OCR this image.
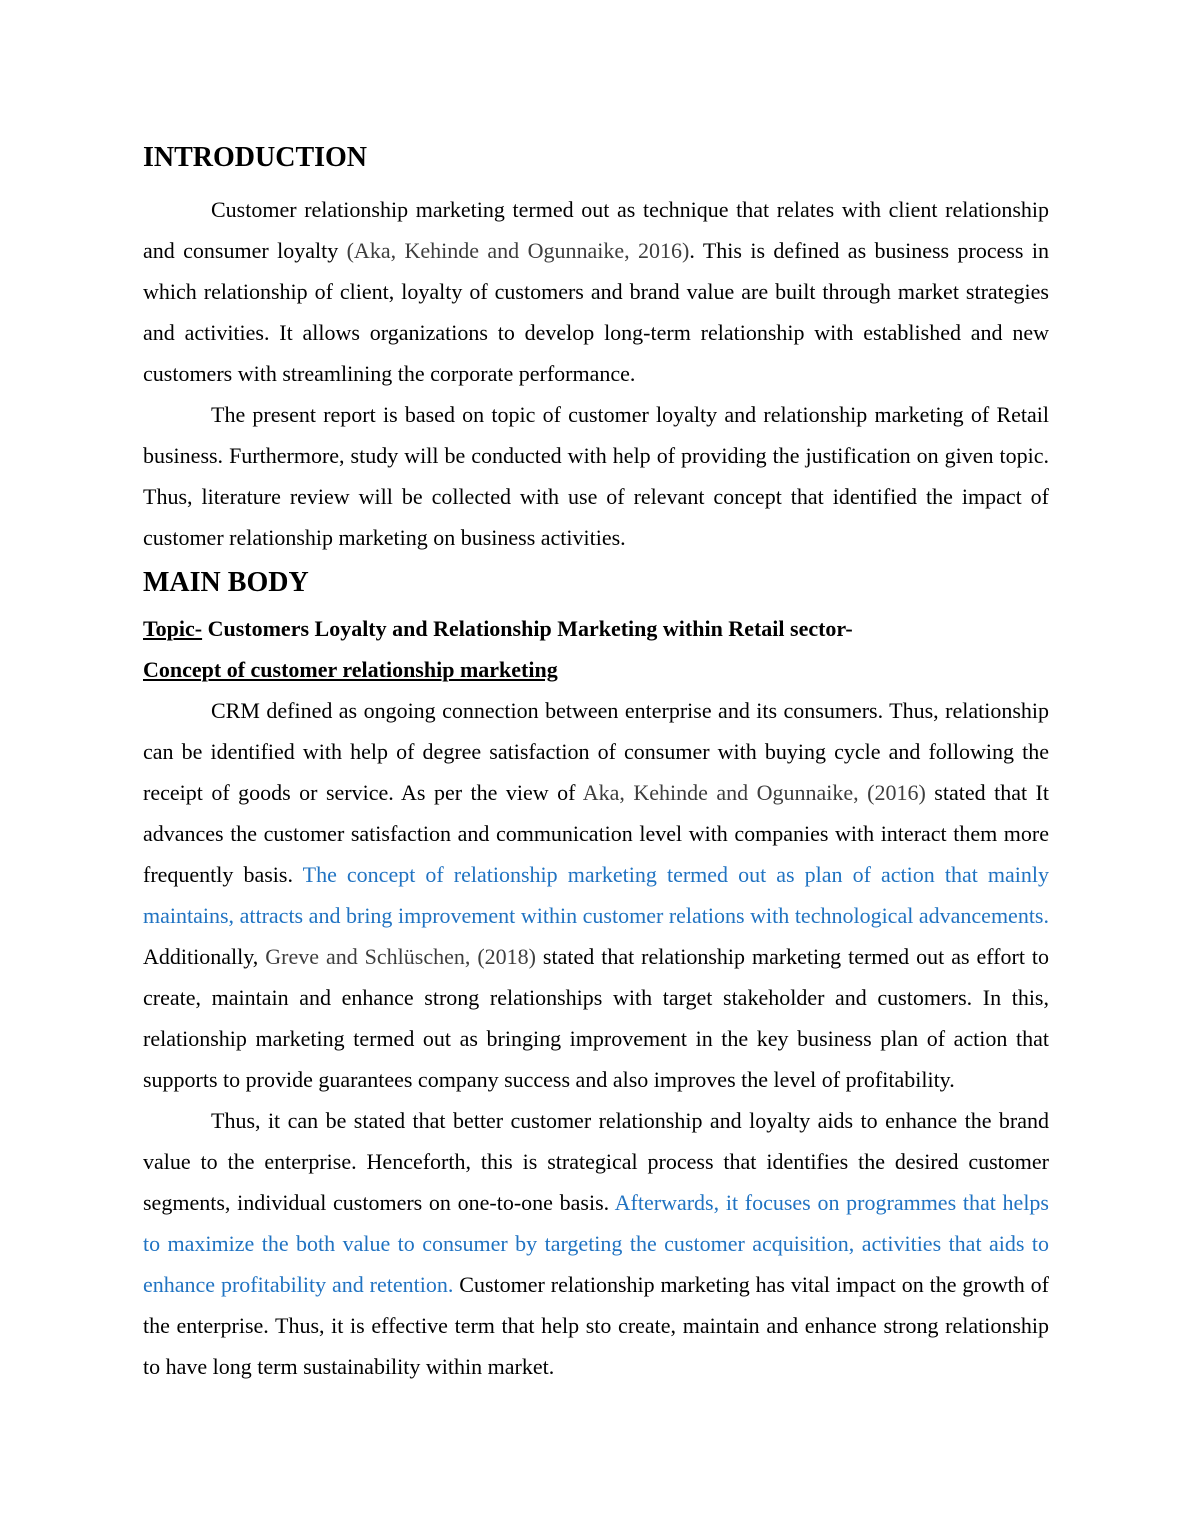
INTRODUCTION

Customer relationship marketing termed out as technique that relates with client relationship and consumer loyalty (Aka, Kehinde and Ogunnaike, 2016). This is defined as business process in which relationship of client, loyalty of customers and brand value are built through market strategies and activities. It allows organizations to develop long-term relationship with established and new customers with streamlining the corporate performance.

The present report is based on topic of customer loyalty and relationship marketing of Retail business. Furthermore, study will be conducted with help of providing the justification on given topic. Thus, literature review will be collected with use of relevant concept that identified the impact of customer relationship marketing on business activities.

MAIN BODY

Topic- Customers Loyalty and Relationship Marketing within Retail sector-

Concept of customer relationship marketing

CRM defined as ongoing connection between enterprise and its consumers. Thus, relationship can be identified with help of degree satisfaction of consumer with buying cycle and following the receipt of goods or service. As per the view of Aka, Kehinde and Ogunnaike, (2016) stated that It advances the customer satisfaction and communication level with companies with interact them more frequently basis. The concept of relationship marketing termed out as plan of action that mainly maintains, attracts and bring improvement within customer relations with technological advancements. Additionally, Greve and Schlüschen, (2018) stated that relationship marketing termed out as effort to create, maintain and enhance strong relationships with target stakeholder and customers. In this, relationship marketing termed out as bringing improvement in the key business plan of action that supports to provide guarantees company success and also improves the level of profitability.

Thus, it can be stated that better customer relationship and loyalty aids to enhance the brand value to the enterprise. Henceforth, this is strategical process that identifies the desired customer segments, individual customers on one-to-one basis. Afterwards, it focuses on programmes that helps to maximize the both value to consumer by targeting the customer acquisition, activities that aids to enhance profitability and retention. Customer relationship marketing has vital impact on the growth of the enterprise. Thus, it is effective term that help sto create, maintain and enhance strong relationship to have long term sustainability within market.
